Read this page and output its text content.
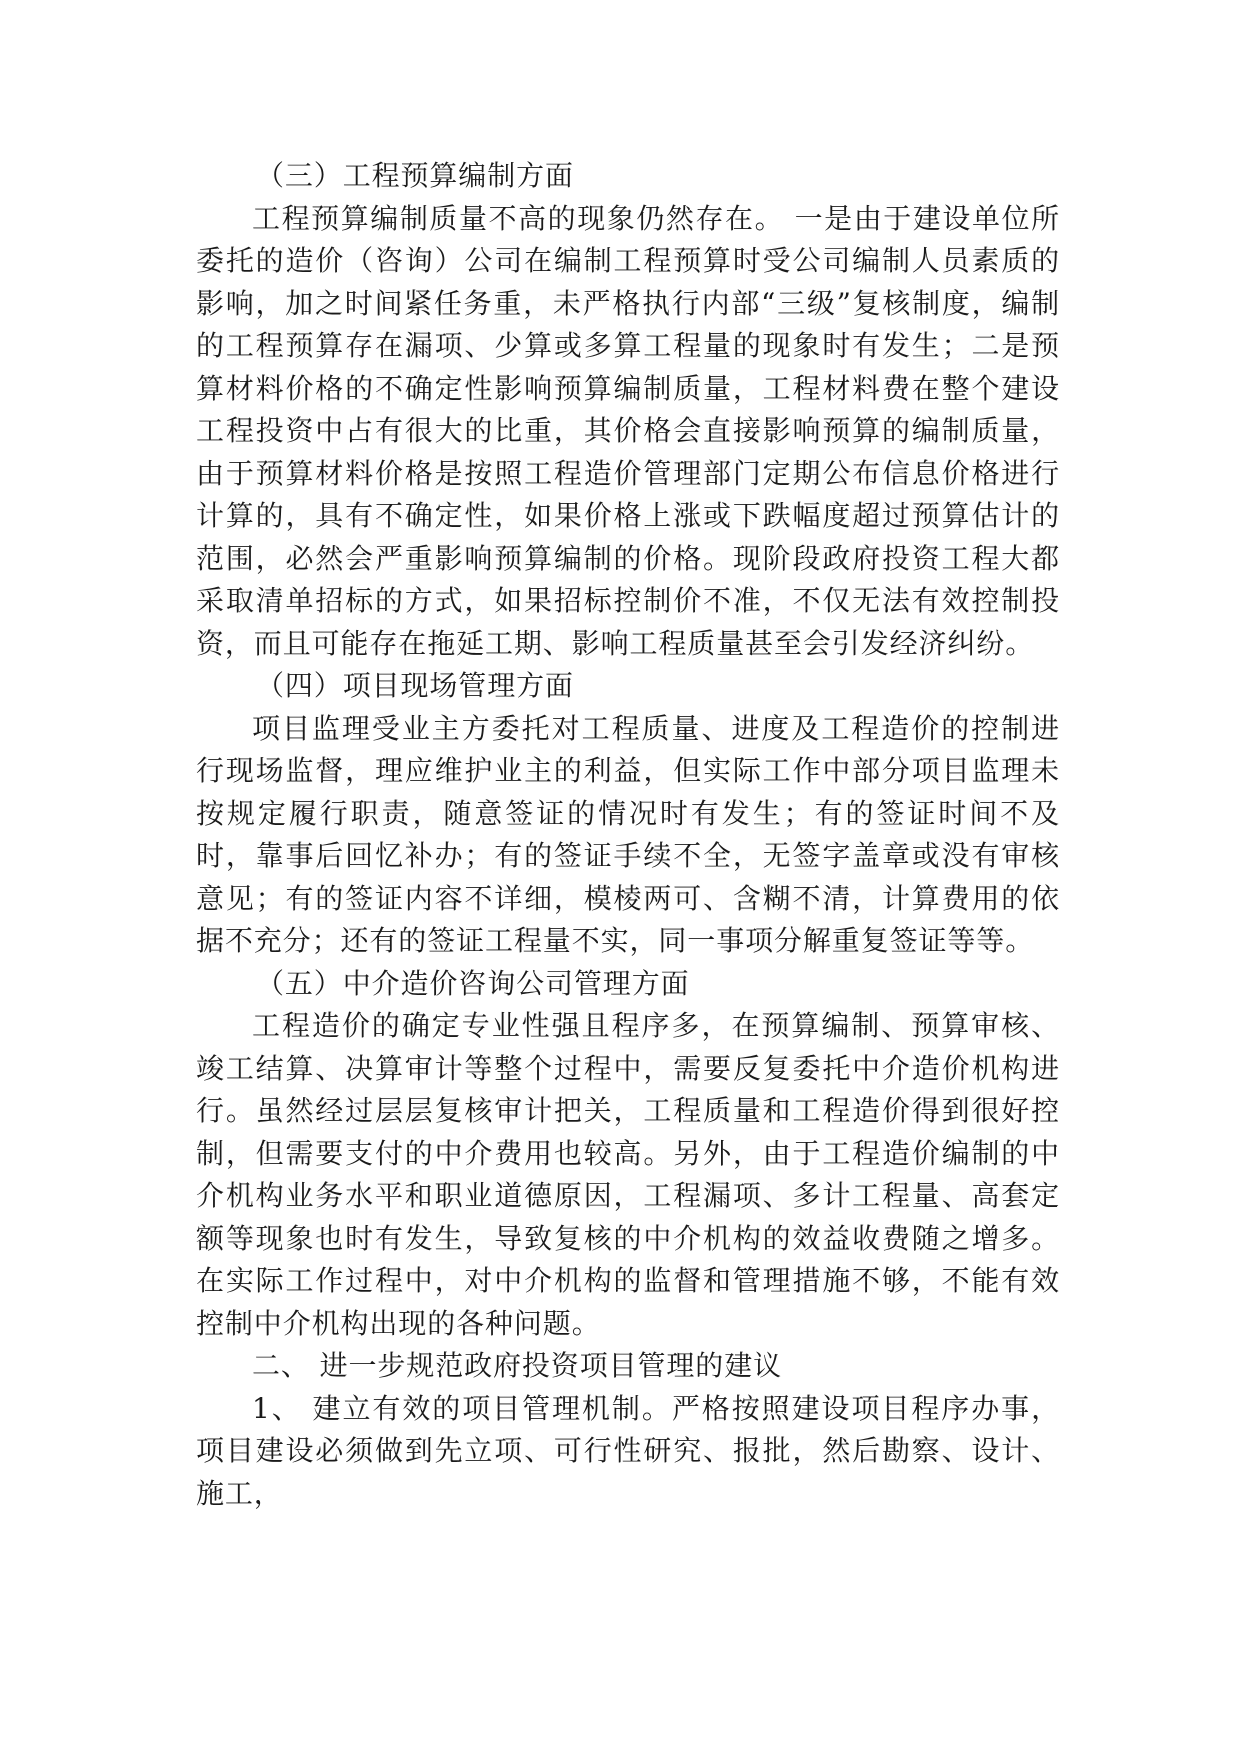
（三）工程预算编制方面

工程预算编制质量不高的现象仍然存在。 一是由于建设单位所委托的造价（咨询）公司在编制工程预算时受公司编制人员素质的影响，加之时间紧任务重，未严格执行内部“三级”复核制度，编制的工程预算存在漏项、少算或多算工程量的现象时有发生；二是预算材料价格的不确定性影响预算编制质量，工程材料费在整个建设工程投资中占有很大的比重，其价格会直接影响预算的编制质量，由于预算材料价格是按照工程造价管理部门定期公布信息价格进行计算的，具有不确定性，如果价格上涨或下跌幅度超过预算估计的范围，必然会严重影响预算编制的价格。现阶段政府投资工程大都采取清单招标的方式，如果招标控制价不准，不仅无法有效控制投资，而且可能存在拖延工期、影响工程质量甚至会引发经济纠纷。

（四）项目现场管理方面

项目监理受业主方委托对工程质量、进度及工程造价的控制进行现场监督，理应维护业主的利益，但实际工作中部分项目监理未按规定履行职责，随意签证的情况时有发生；有的签证时间不及时，靠事后回忆补办；有的签证手续不全，无签字盖章或没有审核意见；有的签证内容不详细，模棱两可、含糊不清，计算费用的依据不充分；还有的签证工程量不实，同一事项分解重复签证等等。

（五）中介造价咨询公司管理方面

工程造价的确定专业性强且程序多，在预算编制、预算审核、竣工结算、决算审计等整个过程中，需要反复委托中介造价机构进行。虽然经过层层复核审计把关，工程质量和工程造价得到很好控制，但需要支付的中介费用也较高。另外，由于工程造价编制的中介机构业务水平和职业道德原因，工程漏项、多计工程量、高套定额等现象也时有发生，导致复核的中介机构的效益收费随之增多。在实际工作过程中，对中介机构的监督和管理措施不够，不能有效控制中介机构出现的各种问题。

二、 进一步规范政府投资项目管理的建议

1、 建立有效的项目管理机制。严格按照建设项目程序办事，项目建设必须做到先立项、可行性研究、报批，然后勘察、设计、施工，
